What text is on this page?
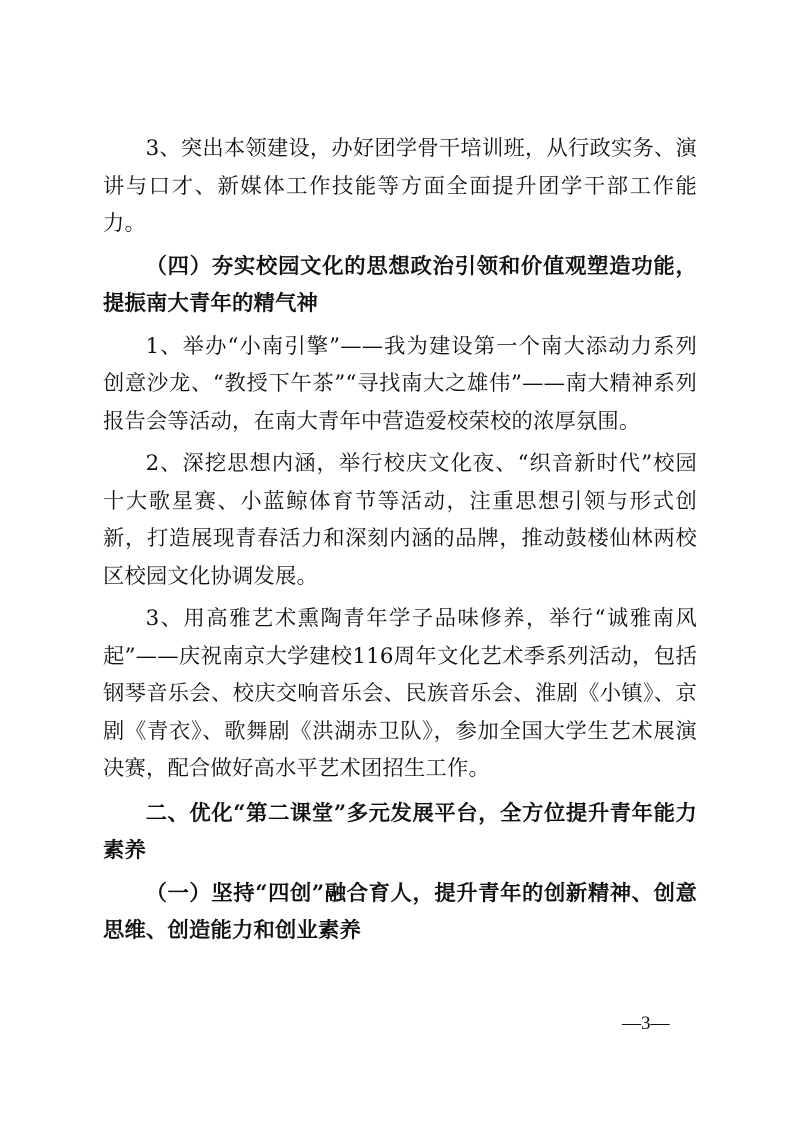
3、突出本领建设，办好团学骨干培训班，从行政实务、演讲与口才、新媒体工作技能等方面全面提升团学干部工作能力。

（四）夯实校园文化的思想政治引领和价值观塑造功能，提振南大青年的精气神

1、举办“小南引擎”——我为建设第一个南大添动力系列创意沙龙、“教授下午茶”“寻找南大之雄伟”——南大精神系列报告会等活动，在南大青年中营造爱校荣校的浓厚氛围。

2、深挖思想内涵，举行校庆文化夜、“织音新时代”校园十大歌星赛、小蓝鲸体育节等活动，注重思想引领与形式创新，打造展现青春活力和深刻内涵的品牌，推动鼓楼仙林两校区校园文化协调发展。

3、用高雅艺术熏陶青年学子品味修养，举行“诚雅南风起”——庆祝南京大学建校116周年文化艺术季系列活动，包括钢琴音乐会、校庆交响音乐会、民族音乐会、淮剧《小镇》、京剧《青衣》、歌舞剧《洪湖赤卫队》，参加全国大学生艺术展演决赛，配合做好高水平艺术团招生工作。

二、优化“第二课堂”多元发展平台，全方位提升青年能力素养

（一）坚持“四创”融合育人，提升青年的创新精神、创意思维、创造能力和创业素养

—3—
